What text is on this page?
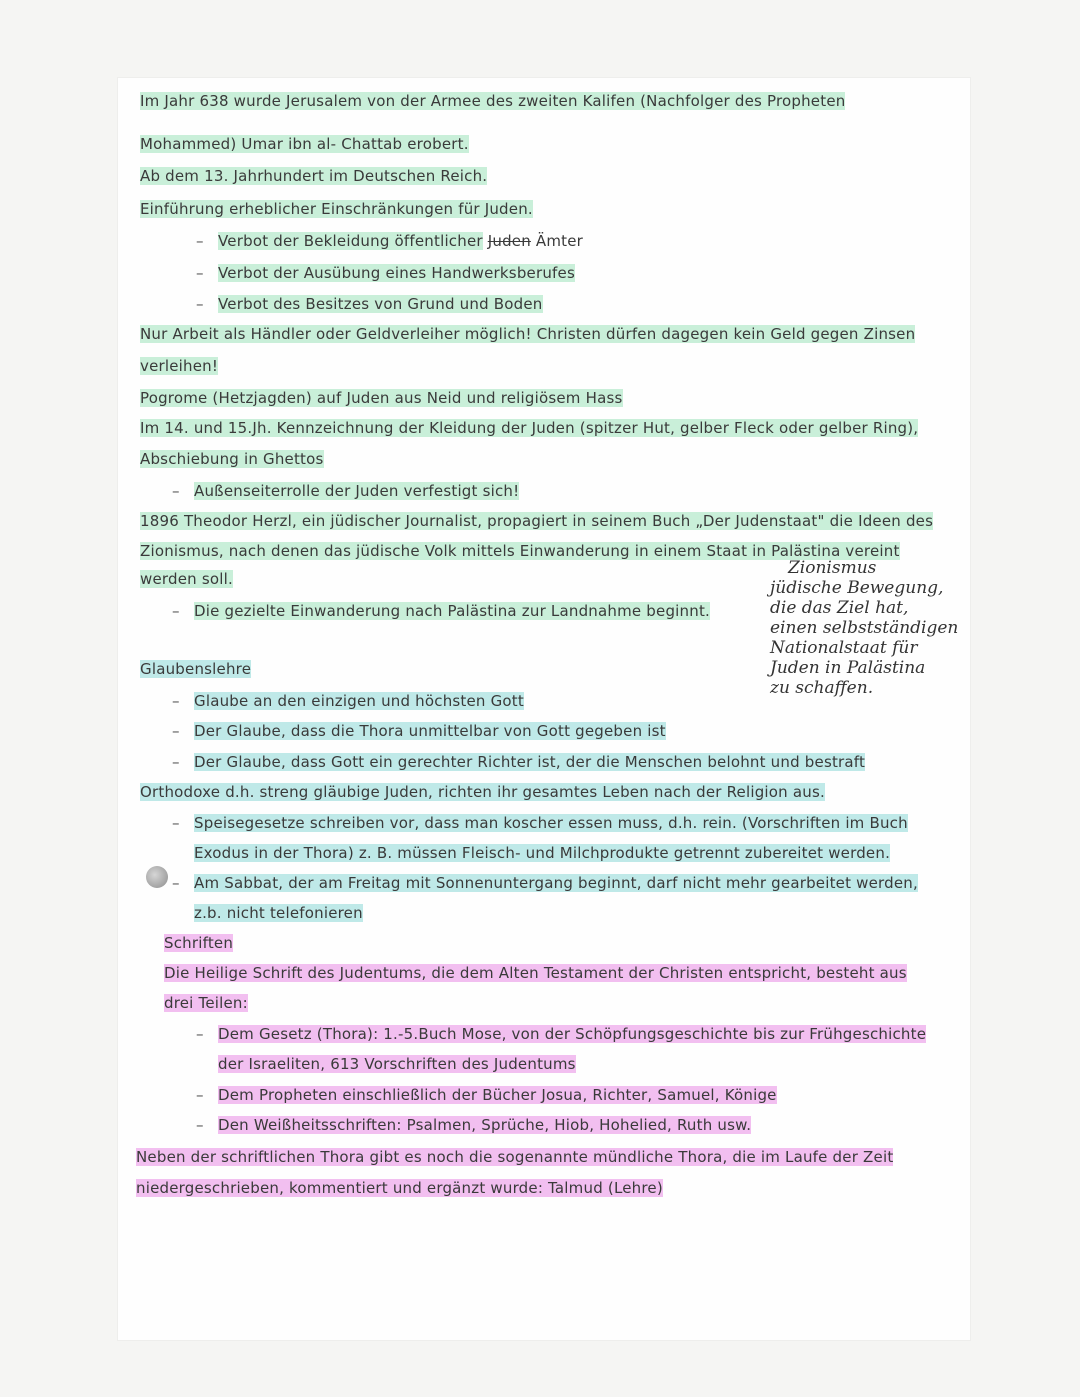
Im Jahr 638 wurde Jerusalem von der Armee des zweiten Kalifen (Nachfolger des Propheten
Mohammed) Umar ibn al- Chattab erobert.
Ab dem 13. Jahrhundert im Deutschen Reich.
Einführung erheblicher Einschränkungen für Juden.
– Verbot der Bekleidung öffentlicher Juden Ämter
– Verbot der Ausübung eines Handwerksberufes
– Verbot des Besitzes von Grund und Boden
Nur Arbeit als Händler oder Geldverleiher möglich! Christen dürfen dagegen kein Geld gegen Zinsen
verleihen!
Pogrome (Hetzjagden) auf Juden aus Neid und religiösem Hass
Im 14. und 15.Jh. Kennzeichnung der Kleidung der Juden (spitzer Hut, gelber Fleck oder gelber Ring),
Abschiebung in Ghettos
– Außenseiterrolle der Juden verfestigt sich!
1896 Theodor Herzl, ein jüdischer Journalist, propagiert in seinem Buch „Der Judenstaat" die Ideen des
Zionismus, nach denen das jüdische Volk mittels Einwanderung in einem Staat in Palästina vereint
werden soll.
– Die gezielte Einwanderung nach Palästina zur Landnahme beginnt.
Zionismus
jüdische Bewegung,
die das Ziel hat,
einen selbstständigen
Nationalstaat für
Juden in Palästina
zu schaffen.
Glaubenslehre
– Glaube an den einzigen und höchsten Gott
– Der Glaube, dass die Thora unmittelbar von Gott gegeben ist
– Der Glaube, dass Gott ein gerechter Richter ist, der die Menschen belohnt und bestraft
Orthodoxe d.h. streng gläubige Juden, richten ihr gesamtes Leben nach der Religion aus.
– Speisegesetze schreiben vor, dass man koscher essen muss, d.h. rein. (Vorschriften im Buch
Exodus in der Thora) z. B. müssen Fleisch- und Milchprodukte getrennt zubereitet werden.
– Am Sabbat, der am Freitag mit Sonnenuntergang beginnt, darf nicht mehr gearbeitet werden,
z.b. nicht telefonieren
Schriften
Die Heilige Schrift des Judentums, die dem Alten Testament der Christen entspricht, besteht aus
drei Teilen:
– Dem Gesetz (Thora): 1.-5.Buch Mose, von der Schöpfungsgeschichte bis zur Frühgeschichte
der Israeliten, 613 Vorschriften des Judentums
– Dem Propheten einschließlich der Bücher Josua, Richter, Samuel, Könige
– Den Weißheitsschriften: Psalmen, Sprüche, Hiob, Hohelied, Ruth usw.
Neben der schriftlichen Thora gibt es noch die sogenannte mündliche Thora, die im Laufe der Zeit
niedergeschrieben, kommentiert und ergänzt wurde: Talmud (Lehre)
